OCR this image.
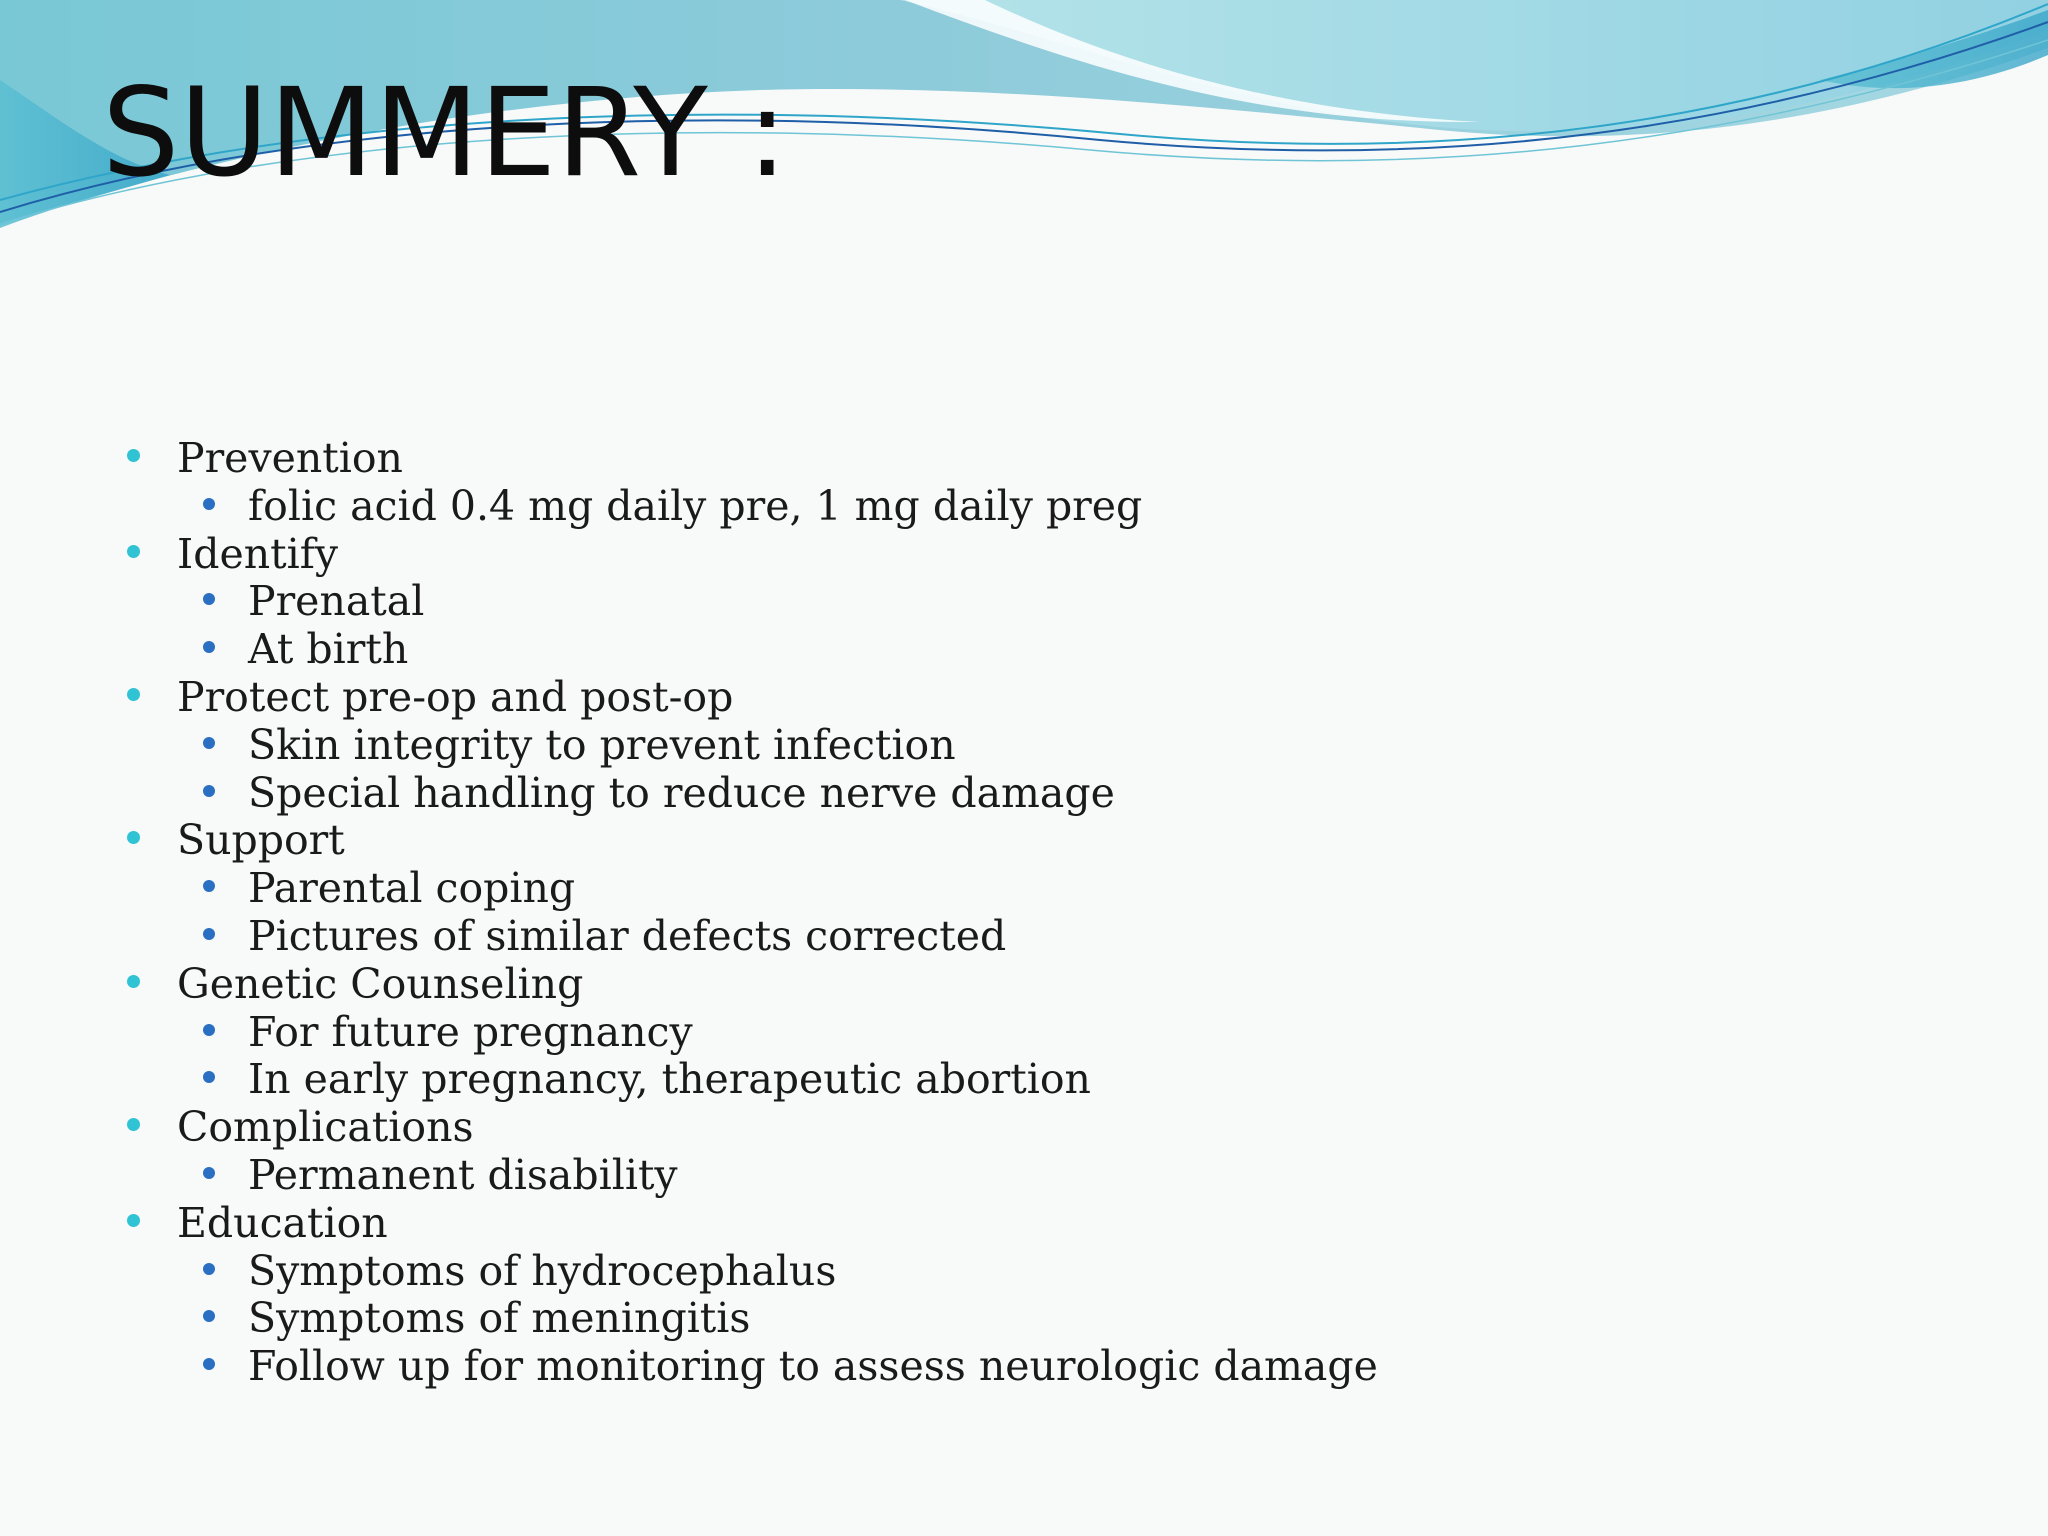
SUMMERY :
Prevention
folic acid 0.4 mg daily pre, 1 mg daily preg
Identify
Prenatal
At birth
Protect pre-op and post-op
Skin integrity to prevent infection
Special handling to reduce nerve damage
Support
Parental coping
Pictures of similar defects corrected
Genetic Counseling
For future pregnancy
In early pregnancy, therapeutic abortion
Complications
Permanent disability
Education
Symptoms of hydrocephalus
Symptoms of meningitis
Follow up for monitoring to assess neurologic damage
